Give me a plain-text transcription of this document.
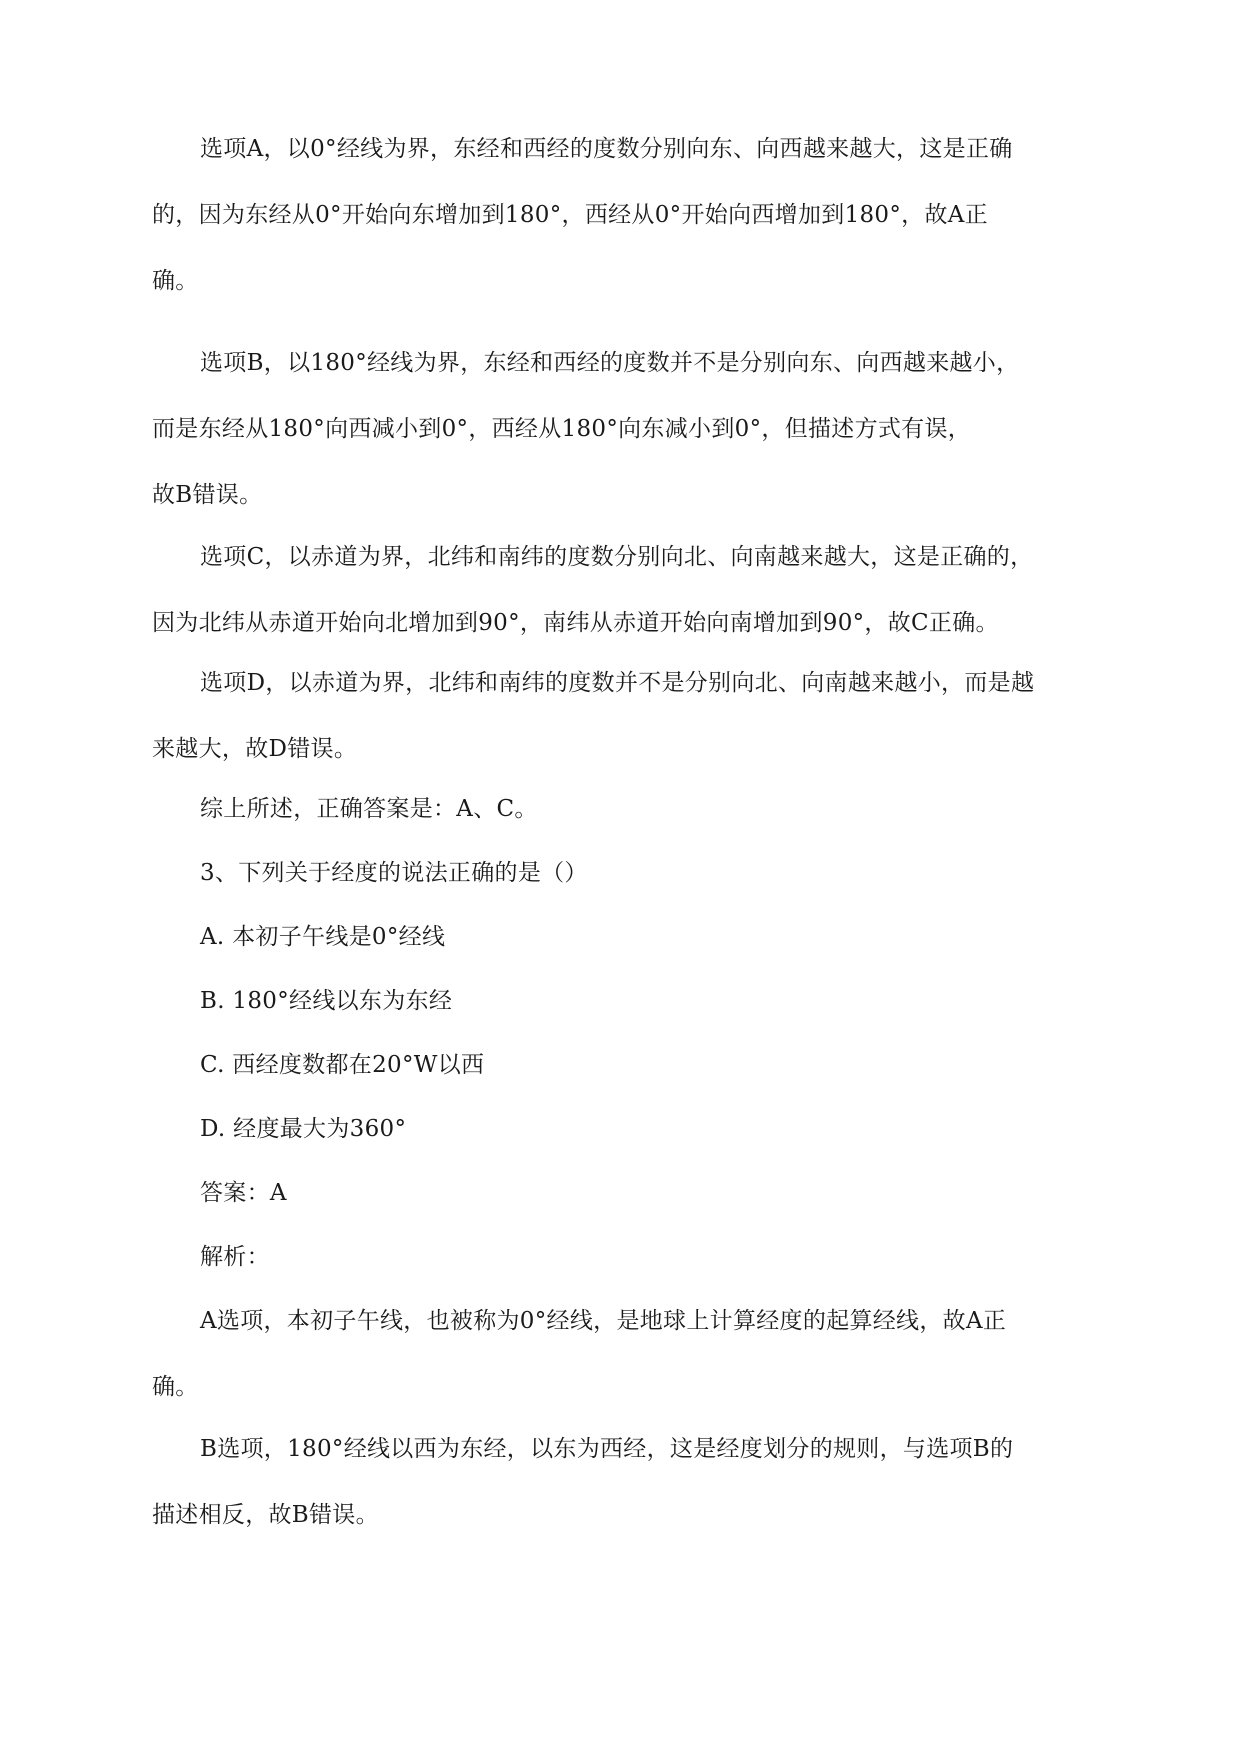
选项A，以0°经线为界，东经和西经的度数分别向东、向西越来越大，这是正确
的，因为东经从0°开始向东增加到180°，西经从0°开始向西增加到180°，故A正
确。

选项B，以180°经线为界，东经和西经的度数并不是分别向东、向西越来越小，
而是东经从180°向西减小到0°，西经从180°向东减小到0°，但描述方式有误，
故B错误。

选项C，以赤道为界，北纬和南纬的度数分别向北、向南越来越大，这是正确的，
因为北纬从赤道开始向北增加到90°，南纬从赤道开始向南增加到90°，故C正确。

选项D，以赤道为界，北纬和南纬的度数并不是分别向北、向南越来越小，而是越
来越大，故D错误。

综上所述，正确答案是：A、C。

3、下列关于经度的说法正确的是（）

A. 本初子午线是0°经线

B. 180°经线以东为东经

C. 西经度数都在20°W以西

D. 经度最大为360°

答案：A

解析：

A选项，本初子午线，也被称为0°经线，是地球上计算经度的起算经线，故A正
确。

B选项，180°经线以西为东经，以东为西经，这是经度划分的规则，与选项B的
描述相反，故B错误。
